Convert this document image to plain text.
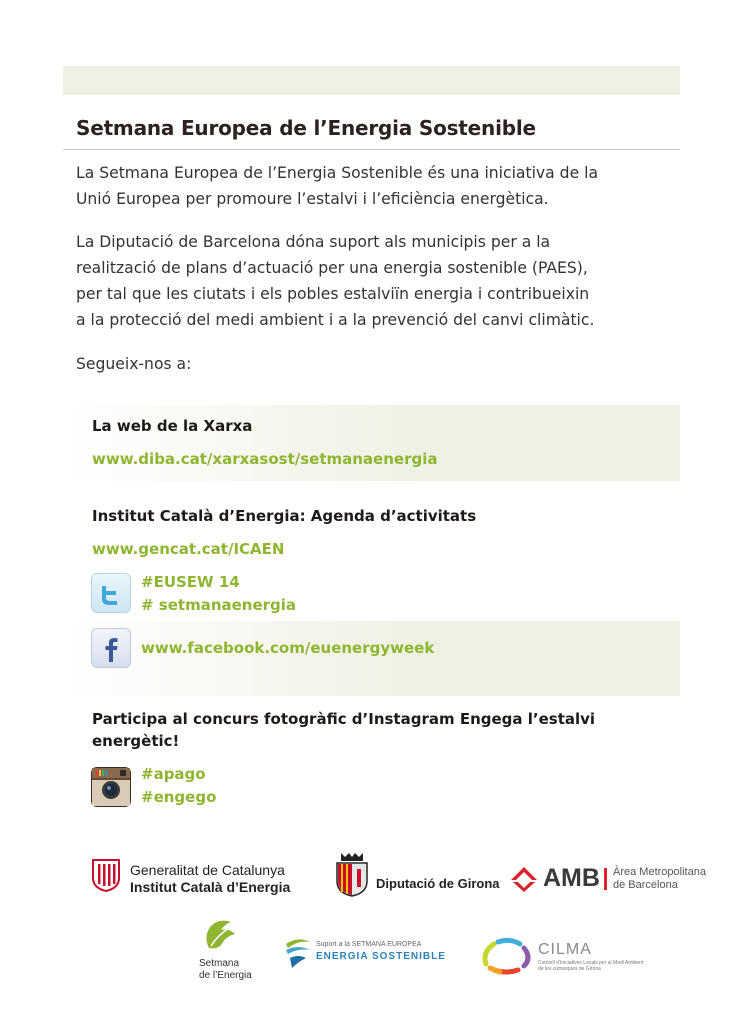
Setmana Europea de l’Energia Sostenible

La Setmana Europea de l’Energia Sostenible és una iniciativa de la
Unió Europea per promoure l’estalvi i l’eficiència energètica.

La Diputació de Barcelona dóna suport als municipis per a la
realització de plans d’actuació per una energia sostenible (PAES),
per tal que les ciutats i els pobles estalviïn energia i contribueixin
a la protecció del medi ambient i a la prevenció del canvi climàtic.

Segueix-nos a:

La web de la Xarxa

www.diba.cat/xarxasost/setmanaenergia

Institut Català d’Energia: Agenda d’activitats

www.gencat.cat/ICAEN

#EUSEW 14

# setmanaenergia

www.facebook.com/euenergyweek

Participa al concurs fotogràfic d’Instagram Engega l’estalvi
energètic!

#apago

#engego

Generalitat de Catalunya
Institut Català d’Energia	Diputació de Girona AMB Àrea Metropolitana
de Barcelona
Setmana
de l’Energia
Suport a la SETMANA EUROPEA
ENERGIA SOSTENIBLE	CILMA
Consell d’Iniciatives Locals per al Medi Ambient
de les comarques de Girona
